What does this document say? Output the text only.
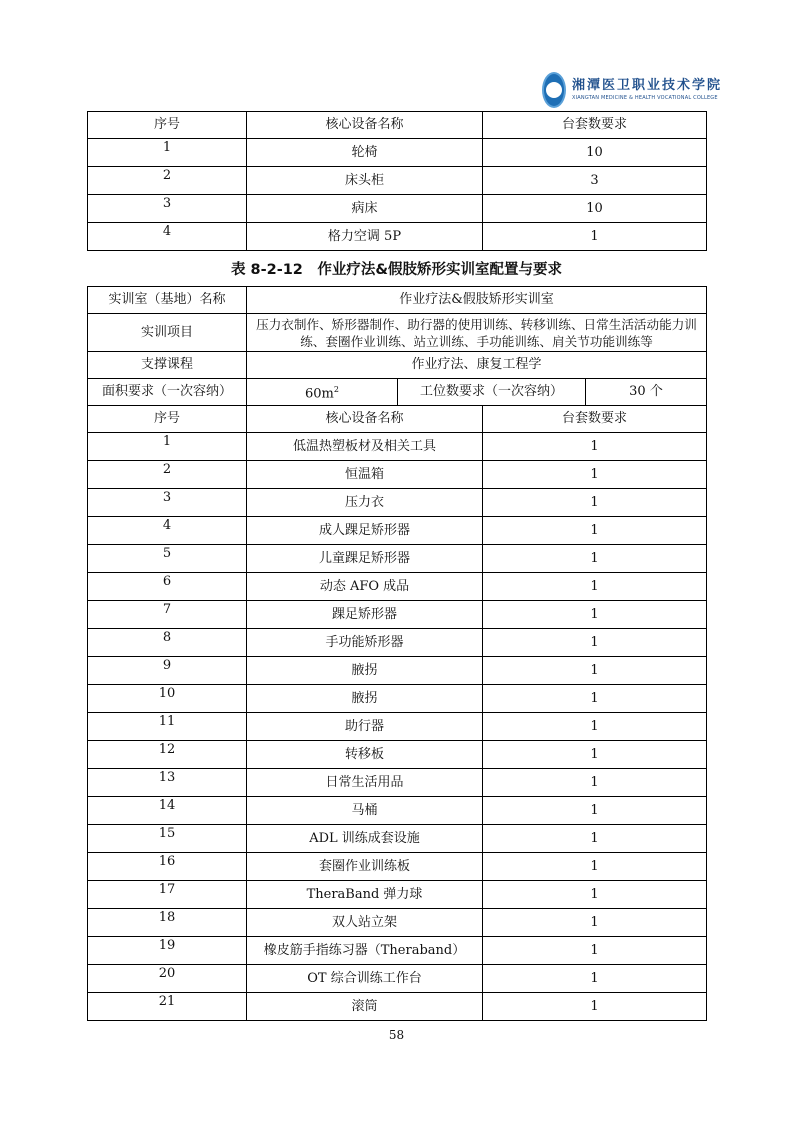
湘潭医卫职业技术学院
XIANGTAN MEDICINE & HEALTH VOCATIONAL COLLEGE
序号	核心设备名称	台套数要求
1	轮椅	10
2	床头柜	3
3	病床	10
4	格力空调 5P	1
表 8-2-12　作业疗法&假肢矫形实训室配置与要求
实训室（基地）名称	作业疗法&假肢矫形实训室			
实训项目	压力衣制作、矫形器制作、助行器的使用训练、转移训练、日常生活活动能力训练、套圈作业训练、站立训练、手功能训练、肩关节功能训练等			
支撑课程	作业疗法、康复工程学			
面积要求（一次容纳）	$60m^2$	工位数要求（一次容纳）		30 个
序号	核心设备名称		台套数要求	
1	低温热塑板材及相关工具		1	
2	恒温箱		1	
3	压力衣		1	
4	成人踝足矫形器		1	
5	儿童踝足矫形器		1	
6	动态 AFO 成品		1	
7	踝足矫形器		1	
8	手功能矫形器		1	
9	腋拐		1	
10	腋拐		1	
11	助行器		1	
12	转移板		1	
13	日常生活用品		1	
14	马桶		1	
15	ADL 训练成套设施		1	
16	套圈作业训练板		1	
17	TheraBand 弹力球		1	
18	双人站立架		1	
19	橡皮筋手指练习器（Theraband）		1	
20	OT 综合训练工作台		1	
21	滚筒		1	
58
